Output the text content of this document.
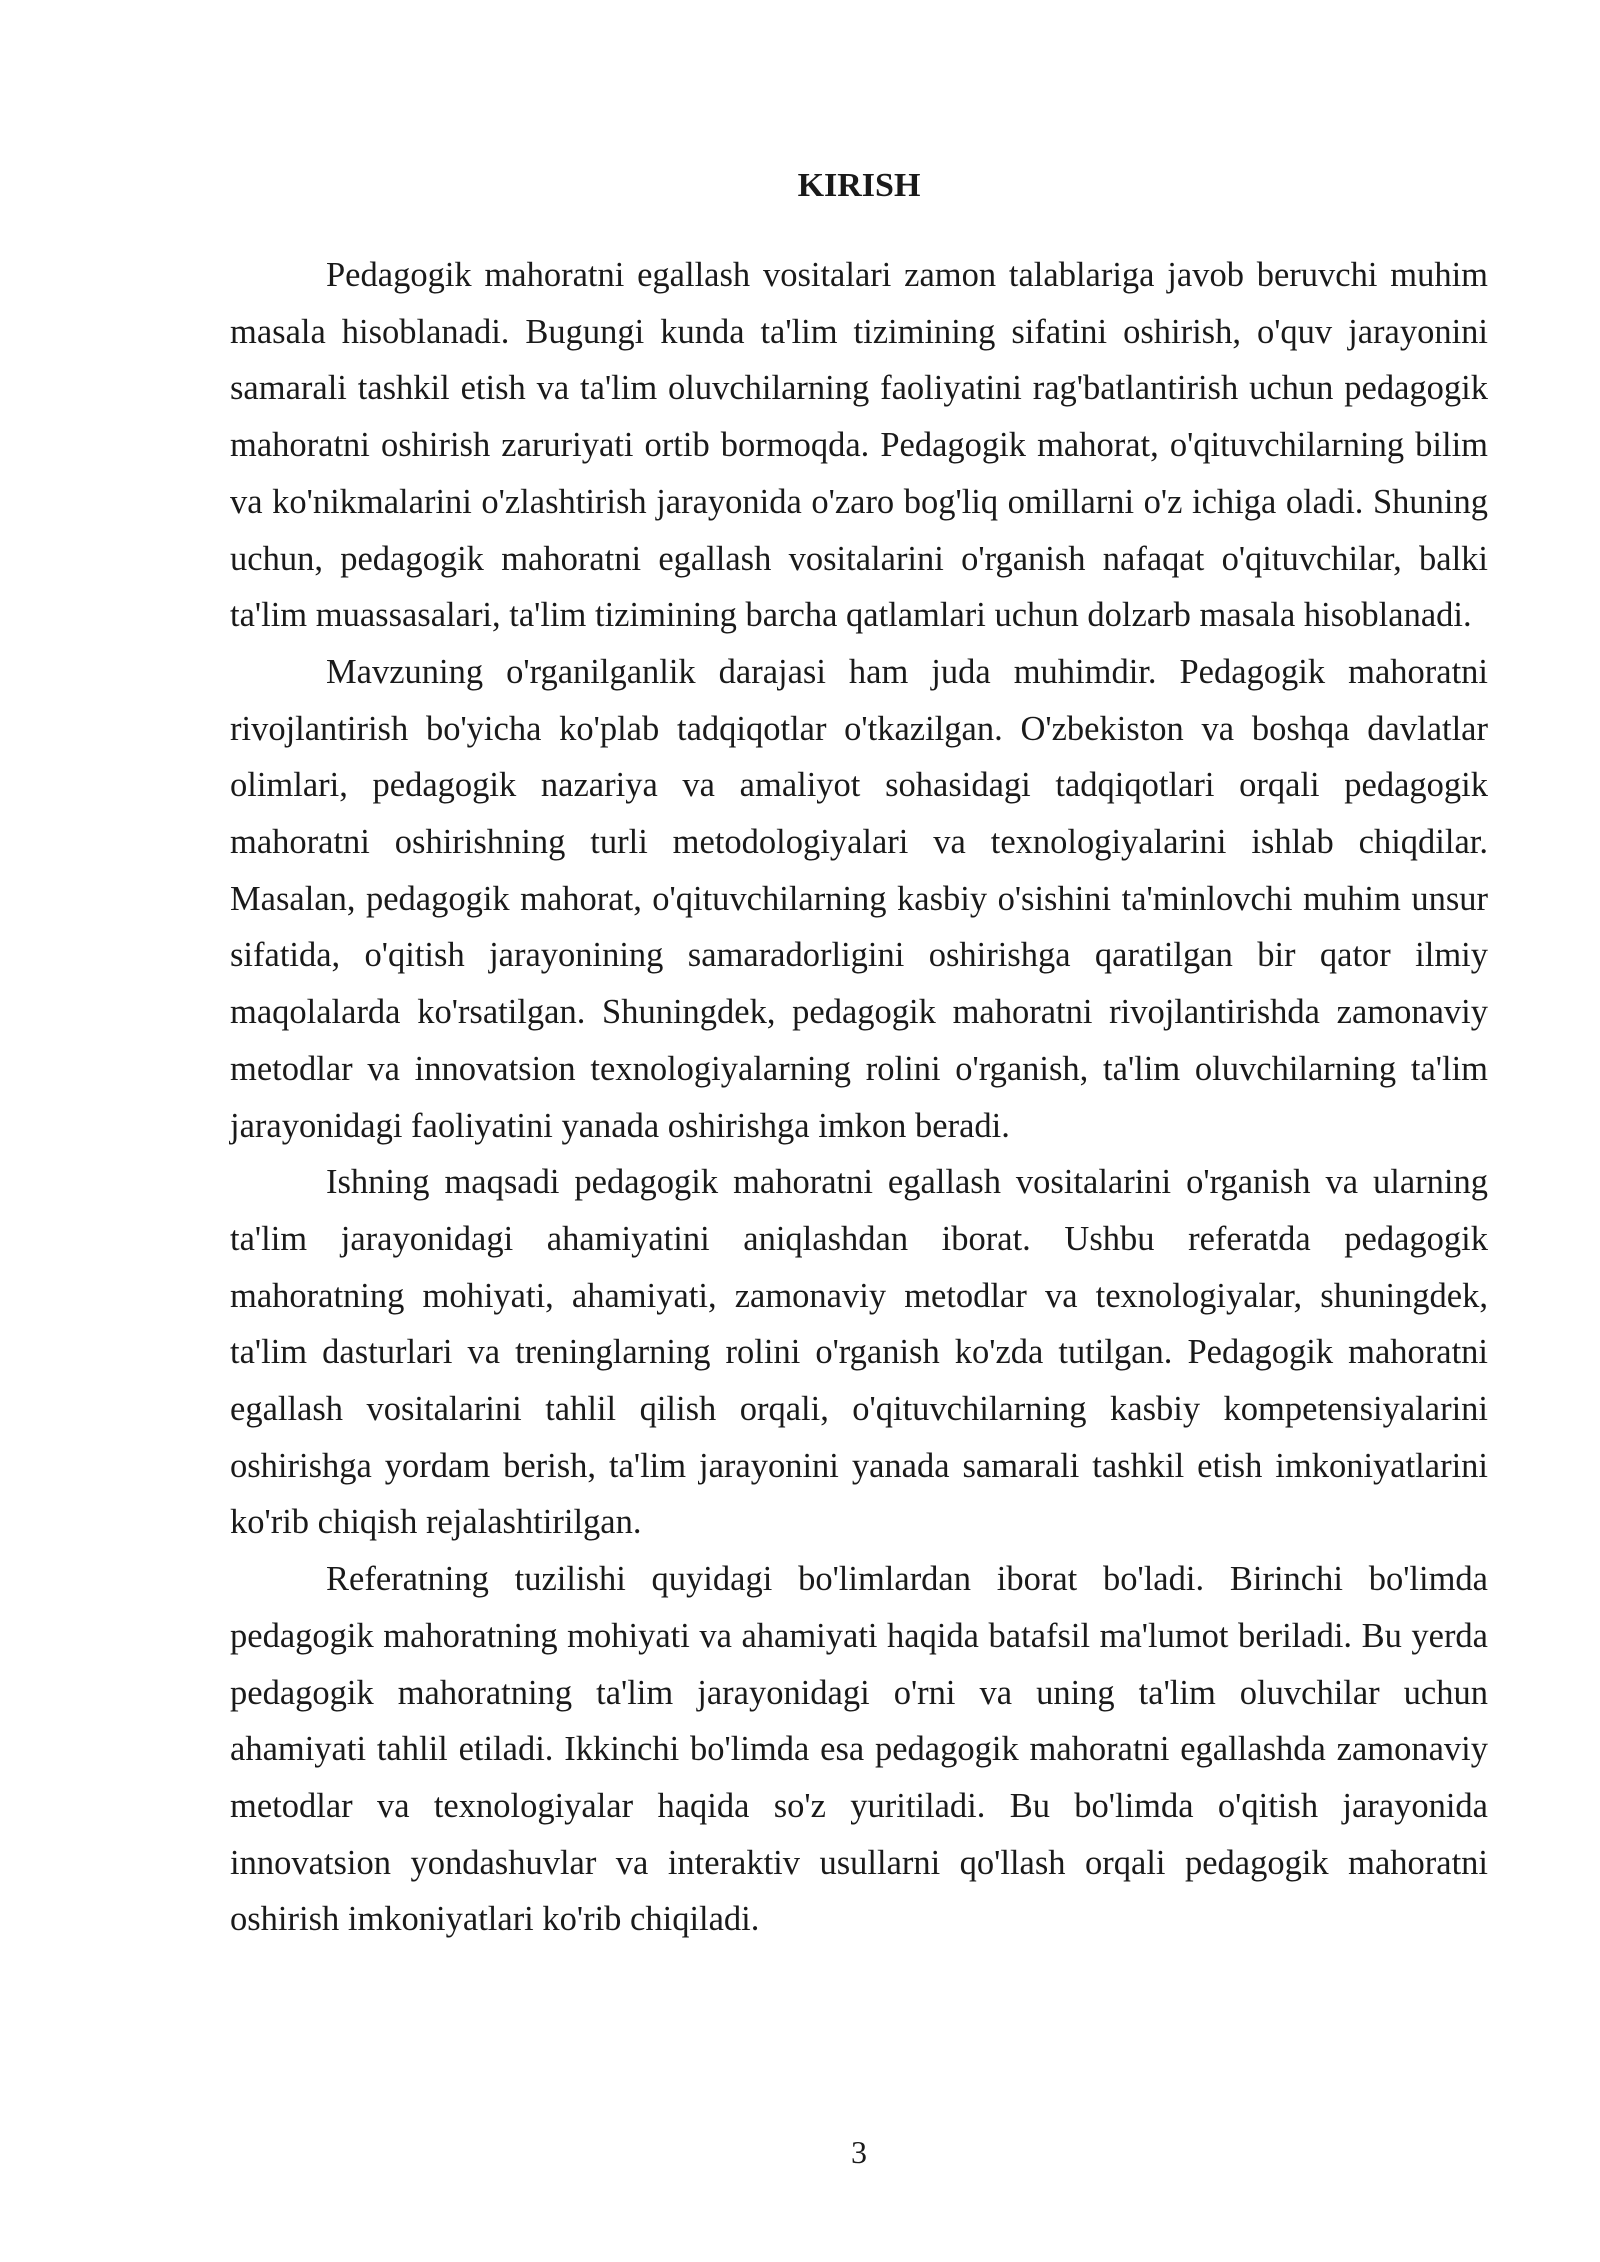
KIRISH

Pedagogik mahoratni egallash vositalari zamon talablariga javob beruvchi muhim masala hisoblanadi. Bugungi kunda ta'lim tizimining sifatini oshirish, o'quv jarayonini samarali tashkil etish va ta'lim oluvchilarning faoliyatini rag'batlantirish uchun pedagogik mahoratni oshirish zaruriyati ortib bormoqda. Pedagogik mahorat, o'qituvchilarning bilim va ko'nikmalarini o'zlashtirish jarayonida o'zaro bog'liq omillarni o'z ichiga oladi. Shuning uchun, pedagogik mahoratni egallash vositalarini o'rganish nafaqat o'qituvchilar, balki ta'lim muassasalari, ta'lim tizimining barcha qatlamlari uchun dolzarb masala hisoblanadi.

Mavzuning o'rganilganlik darajasi ham juda muhimdir. Pedagogik mahoratni rivojlantirish bo'yicha ko'plab tadqiqotlar o'tkazilgan. O'zbekiston va boshqa davlatlar olimlari, pedagogik nazariya va amaliyot sohasidagi tadqiqotlari orqali pedagogik mahoratni oshirishning turli metodologiyalari va texnologiyalarini ishlab chiqdilar. Masalan, pedagogik mahorat, o'qituvchilarning kasbiy o'sishini ta'minlovchi muhim unsur sifatida, o'qitish jarayonining samaradorligini oshirishga qaratilgan bir qator ilmiy maqolalarda ko'rsatilgan. Shuningdek, pedagogik mahoratni rivojlantirishda zamonaviy metodlar va innovatsion texnologiyalarning rolini o'rganish, ta'lim oluvchilarning ta'lim jarayonidagi faoliyatini yanada oshirishga imkon beradi.

Ishning maqsadi pedagogik mahoratni egallash vositalarini o'rganish va ularning ta'lim jarayonidagi ahamiyatini aniqlashdan iborat. Ushbu referatda pedagogik mahoratning mohiyati, ahamiyati, zamonaviy metodlar va texnologiyalar, shuningdek, ta'lim dasturlari va treninglarning rolini o'rganish ko'zda tutilgan. Pedagogik mahoratni egallash vositalarini tahlil qilish orqali, o'qituvchilarning kasbiy kompetensiyalarini oshirishga yordam berish, ta'lim jarayonini yanada samarali tashkil etish imkoniyatlarini ko'rib chiqish rejalashtirilgan.

Referatning tuzilishi quyidagi bo'limlardan iborat bo'ladi. Birinchi bo'limda pedagogik mahoratning mohiyati va ahamiyati haqida batafsil ma'lumot beriladi. Bu yerda pedagogik mahoratning ta'lim jarayonidagi o'rni va uning ta'lim oluvchilar uchun ahamiyati tahlil etiladi. Ikkinchi bo'limda esa pedagogik mahoratni egallashda zamonaviy metodlar va texnologiyalar haqida so'z yuritiladi. Bu bo'limda o'qitish jarayonida innovatsion yondashuvlar va interaktiv usullarni qo'llash orqali pedagogik mahoratni oshirish imkoniyatlari ko'rib chiqiladi.

3
